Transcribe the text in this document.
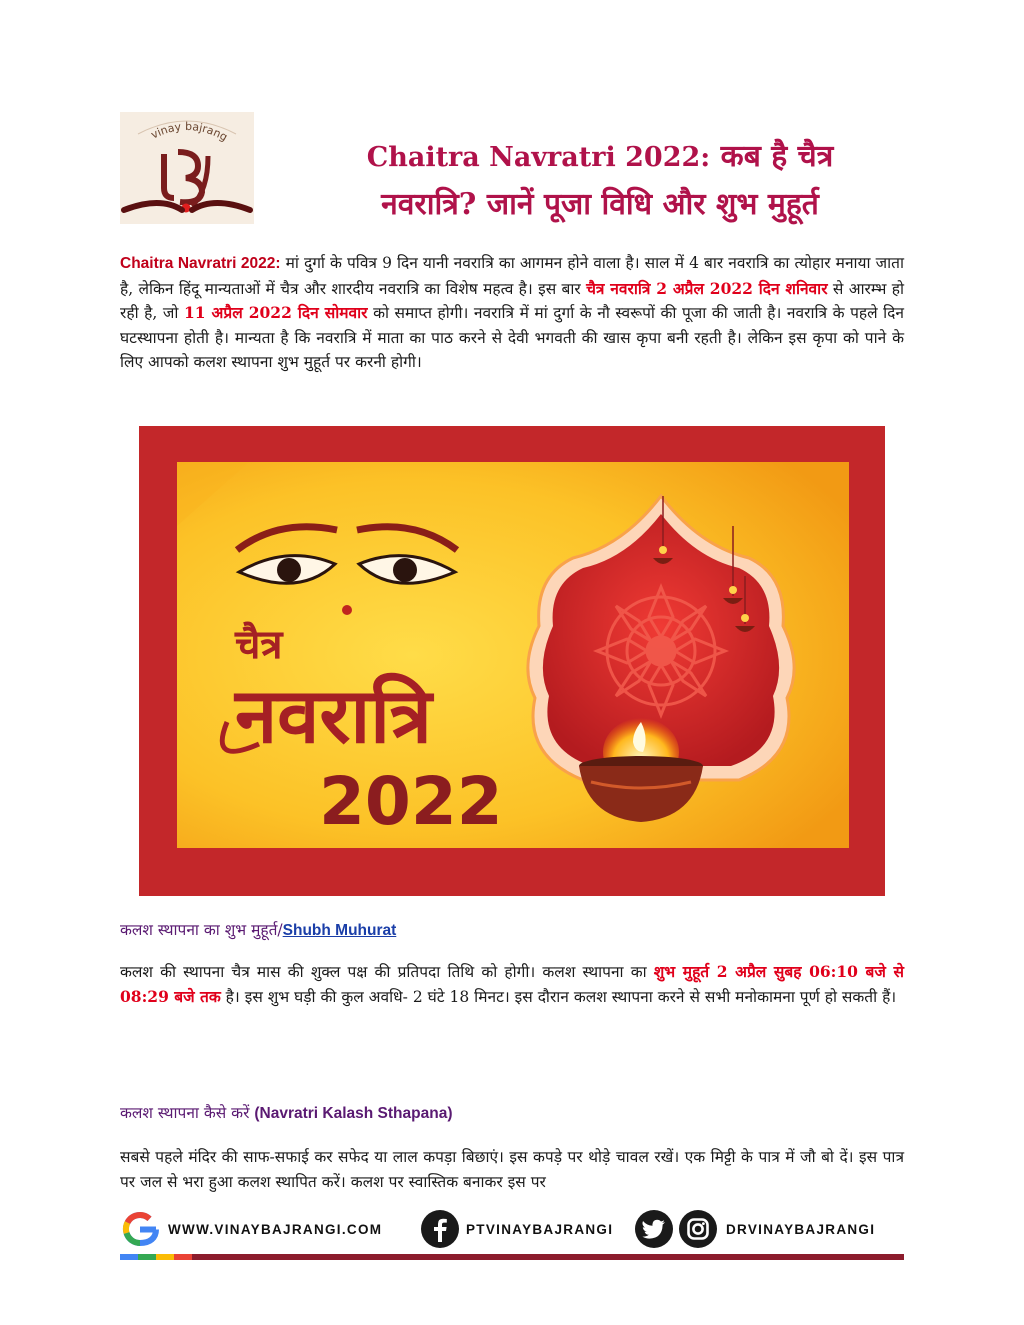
vinay bajrang
Chaitra Navratri 2022: कब है चैत्र
नवरात्रि? जानें पूजा विधि और शुभ मुहूर्त

Chaitra Navratri 2022: मां दुर्गा के पवित्र 9 दिन यानी नवरात्रि का आगमन होने वाला है। साल में 4 बार नवरात्रि का त्योहार मनाया जाता है, लेकिन हिंदू मान्यताओं में चैत्र और शारदीय नवरात्रि का विशेष महत्व है। इस बार चैत्र नवरात्रि 2 अप्रैल 2022 दिन शनिवार से आरम्भ हो रही है, जो 11 अप्रैल 2022 दिन सोमवार को समाप्त होगी। नवरात्रि में मां दुर्गा के नौ स्वरूपों की पूजा की जाती है। नवरात्रि के पहले दिन घटस्थापना होती है। मान्यता है कि नवरात्रि में माता का पाठ करने से देवी भगवती की खास कृपा बनी रहती है। लेकिन इस कृपा को पाने के लिए आपको कलश स्थापना शुभ मुहूर्त पर करनी होगी।

चैत्र
नवरात्रि
2022
कलश स्थापना का शुभ मुहूर्त/Shubh Muhurat

कलश की स्थापना चैत्र मास की शुक्ल पक्ष की प्रतिपदा तिथि को होगी। कलश स्थापना का शुभ मुहूर्त 2 अप्रैल सुबह 06:10 बजे से 08:29 बजे तक है। इस शुभ घड़ी की कुल अवधि- 2 घंटे 18 मिनट। इस दौरान कलश स्थापना करने से सभी मनोकामना पूर्ण हो सकती हैं।

कलश स्थापना कैसे करें (Navratri Kalash Sthapana)

सबसे पहले मंदिर की साफ-सफाई कर सफेद या लाल कपड़ा बिछाएं। इस कपड़े पर थोड़े चावल रखें। एक मिट्टी के पात्र में जौ बो दें। इस पात्र पर जल से भरा हुआ कलश स्थापित करें। कलश पर स्वास्तिक बनाकर इस पर

WWW.VINAYBAJRANGI.COM	PTVINAYBAJRANGI	DRVINAYBAJRANGI
